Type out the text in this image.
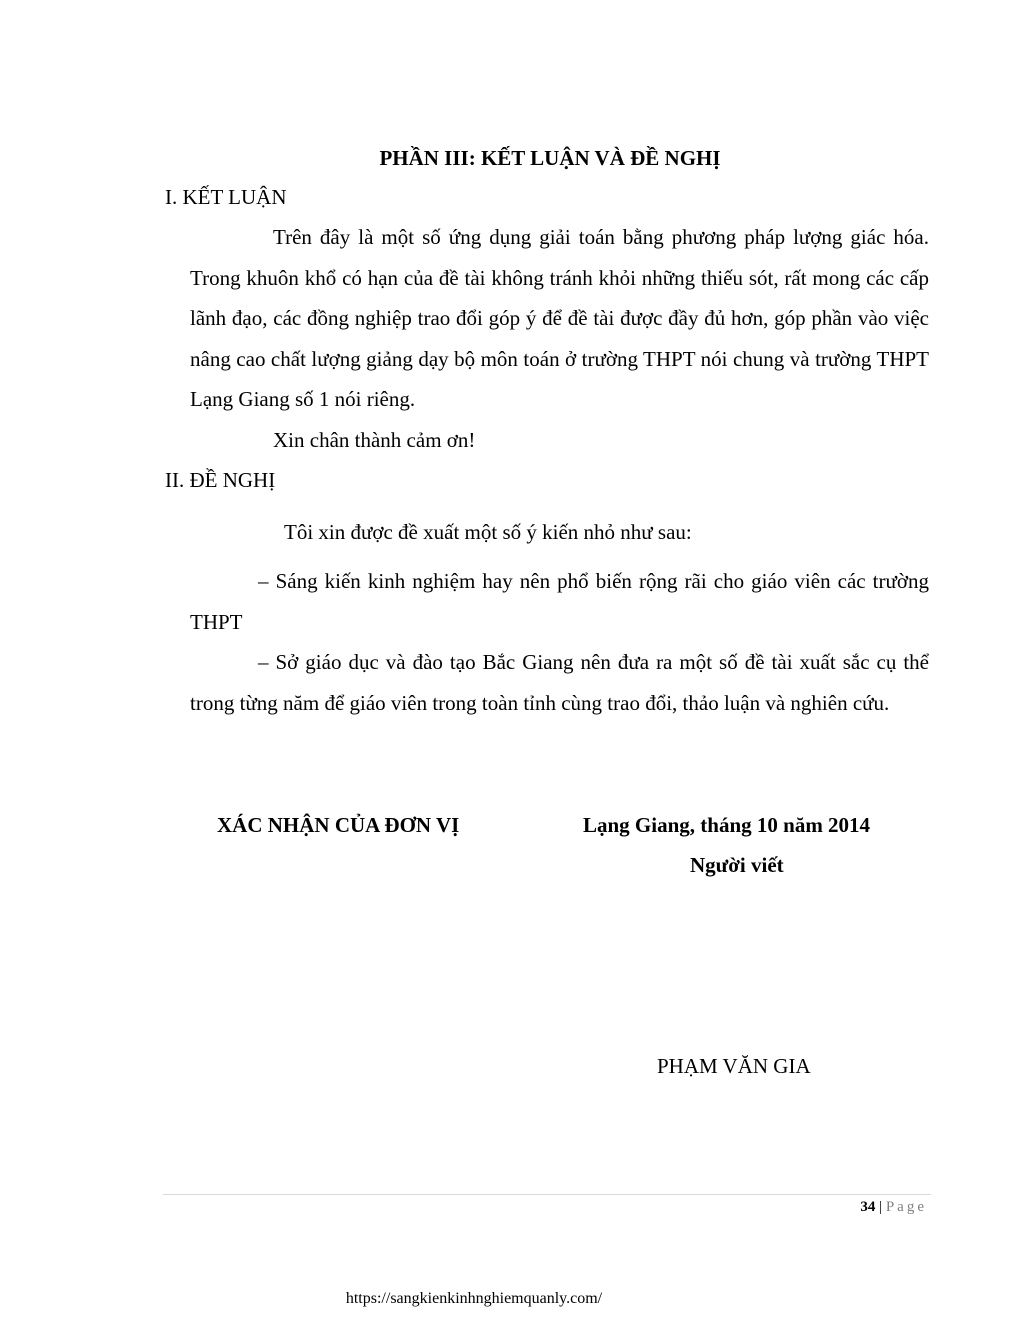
PHẦN III: KẾT LUẬN VÀ ĐỀ NGHỊ
I. KẾT LUẬN

Trên đây là một số ứng dụng giải toán bằng phương pháp lượng giác hóa. Trong khuôn khổ có hạn của đề tài không tránh khỏi những thiếu sót, rất mong các cấp lãnh đạo, các đồng nghiệp trao đổi góp ý để đề tài được đầy đủ hơn, góp phần vào việc nâng cao chất lượng giảng dạy bộ môn toán ở trường THPT nói chung và trường THPT Lạng Giang số 1 nói riêng.

Xin chân thành cảm ơn!
II. ĐỀ NGHỊ
Tôi xin được đề xuất một số ý kiến nhỏ như sau:

– Sáng kiến kinh nghiệm hay nên phổ biến rộng rãi cho giáo viên các trường THPT

– Sở giáo dục và đào tạo Bắc Giang nên đưa ra một số đề tài xuất sắc cụ thể trong từng năm để giáo viên trong toàn tỉnh cùng trao đổi, thảo luận và nghiên cứu.

XÁC NHẬN CỦA ĐƠN VỊ	Lạng Giang, tháng 10 năm 2014
Người viết
PHẠM VĂN GIA
34 | Page
https://sangkienkinhnghiemquanly.com/
